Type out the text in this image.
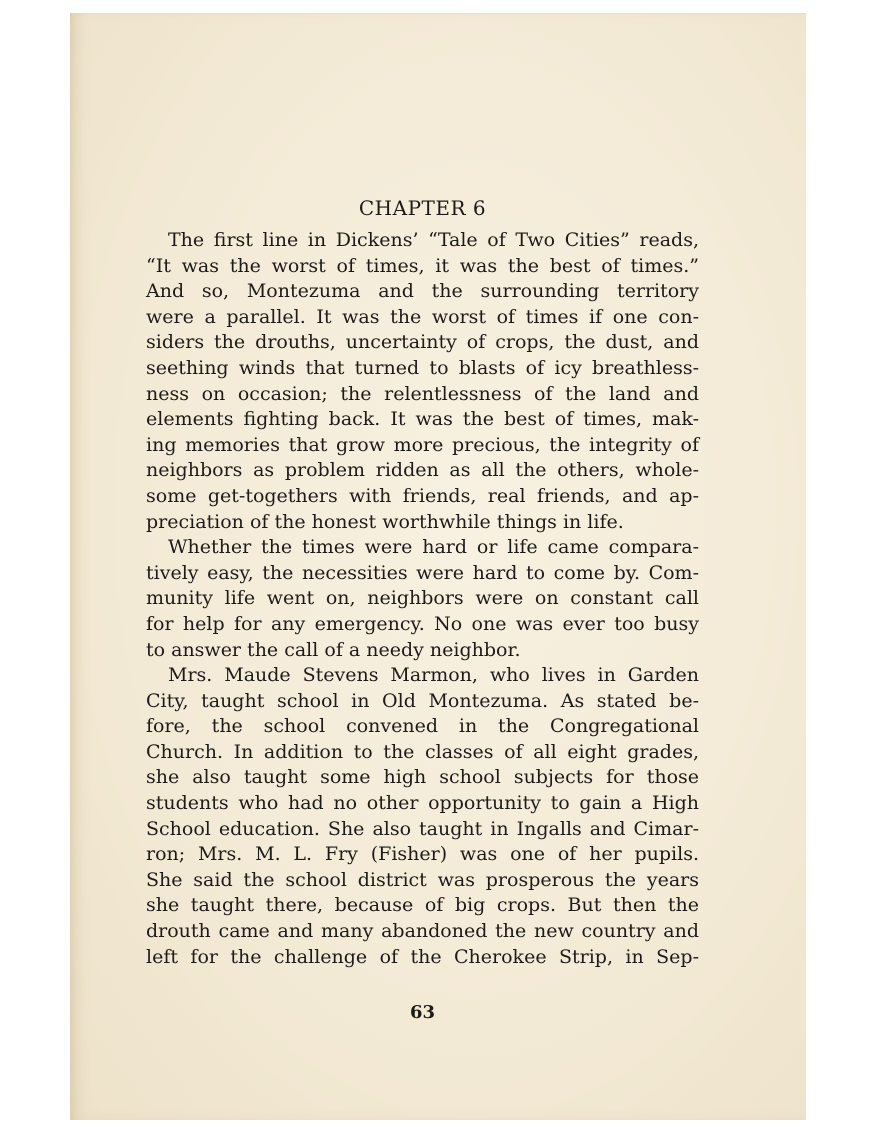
CHAPTER 6
The first line in Dickens’ “Tale of Two Cities” reads,
“It was the worst of times, it was the best of times.”
And so, Montezuma and the surrounding territory
were a parallel. It was the worst of times if one con-
siders the drouths, uncertainty of crops, the dust, and
seething winds that turned to blasts of icy breathless-
ness on occasion; the relentlessness of the land and
elements fighting back. It was the best of times, mak-
ing memories that grow more precious, the integrity of
neighbors as problem ridden as all the others, whole-
some get-togethers with friends, real friends, and ap-
preciation of the honest worthwhile things in life.
Whether the times were hard or life came compara-
tively easy, the necessities were hard to come by. Com-
munity life went on, neighbors were on constant call
for help for any emergency. No one was ever too busy
to answer the call of a needy neighbor.
Mrs. Maude Stevens Marmon, who lives in Garden
City, taught school in Old Montezuma. As stated be-
fore, the school convened in the Congregational
Church. In addition to the classes of all eight grades,
she also taught some high school subjects for those
students who had no other opportunity to gain a High
School education. She also taught in Ingalls and Cimar-
ron; Mrs. M. L. Fry (Fisher) was one of her pupils.
She said the school district was prosperous the years
she taught there, because of big crops. But then the
drouth came and many abandoned the new country and
left for the challenge of the Cherokee Strip, in Sep-
63
